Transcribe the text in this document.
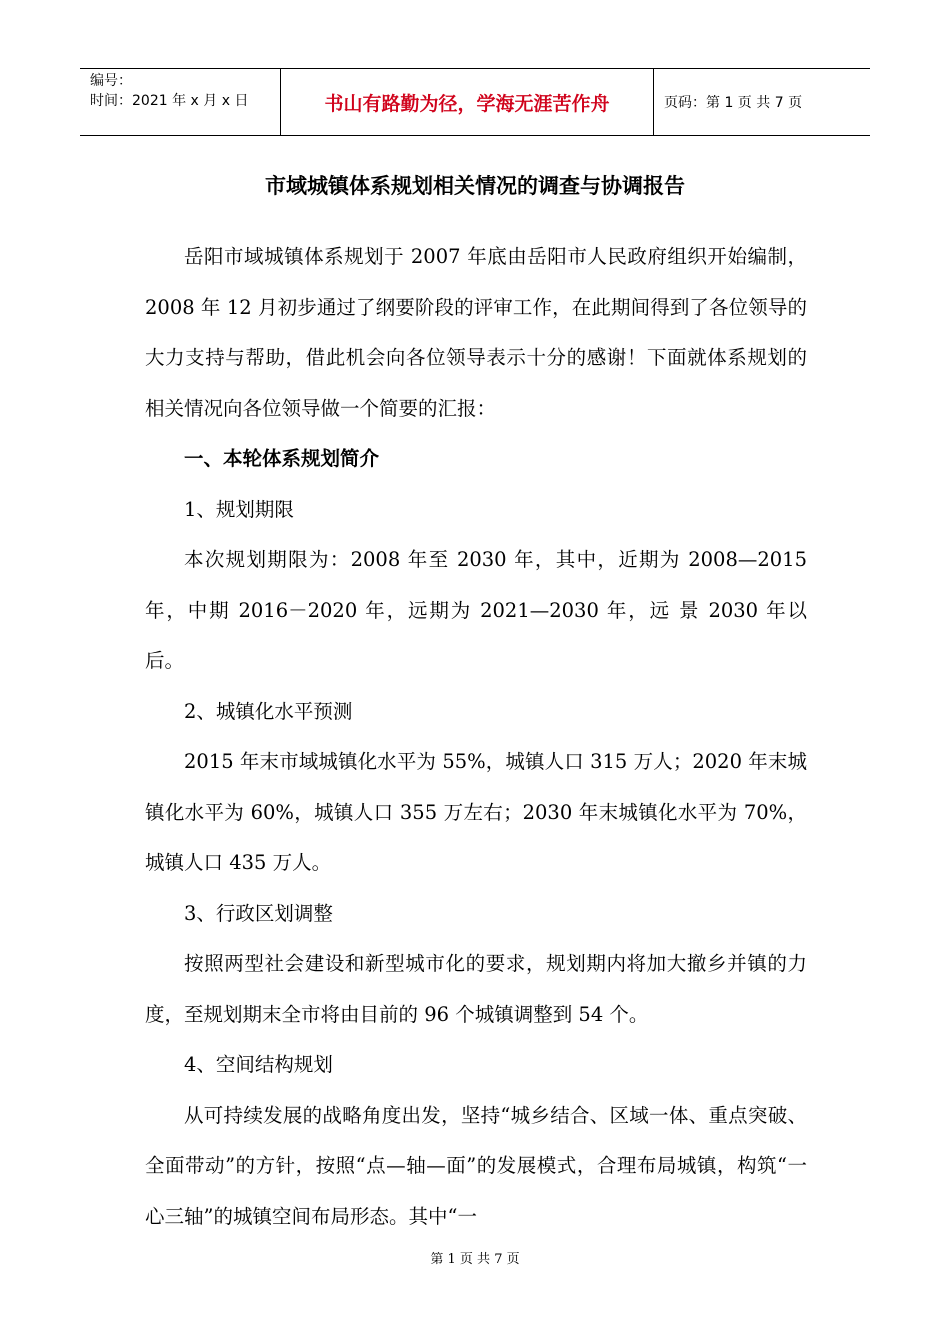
编号：
时间：2021 年 x 月 x 日	书山有路勤为径，学海无涯苦作舟	页码：第 1 页 共 7 页
市域城镇体系规划相关情况的调查与协调报告

岳阳市域城镇体系规划于 2007 年底由岳阳市人民政府组织开始编制，2008 年 12 月初步通过了纲要阶段的评审工作，在此期间得到了各位领导的大力支持与帮助，借此机会向各位领导表示十分的感谢！下面就体系规划的相关情况向各位领导做一个简要的汇报：

一、本轮体系规划简介

1、规划期限

本次规划期限为：2008 年至 2030 年，其中，近期为 2008—2015 年，中期 2016－2020 年，远期为 2021—2030 年，远 景 2030 年以后。

2、城镇化水平预测

2015 年末市域城镇化水平为 55%，城镇人口 315 万人；2020 年末城镇化水平为 60%，城镇人口 355 万左右；2030 年末城镇化水平为 70%，城镇人口 435 万人。

3、行政区划调整

按照两型社会建设和新型城市化的要求，规划期内将加大撤乡并镇的力度，至规划期末全市将由目前的 96 个城镇调整到 54 个。

4、空间结构规划

从可持续发展的战略角度出发，坚持“城乡结合、区域一体、重点突破、全面带动”的方针，按照“点—轴—面”的发展模式，合理布局城镇，构筑“一心三轴”的城镇空间布局形态。其中“一

第 1 页 共 7 页
